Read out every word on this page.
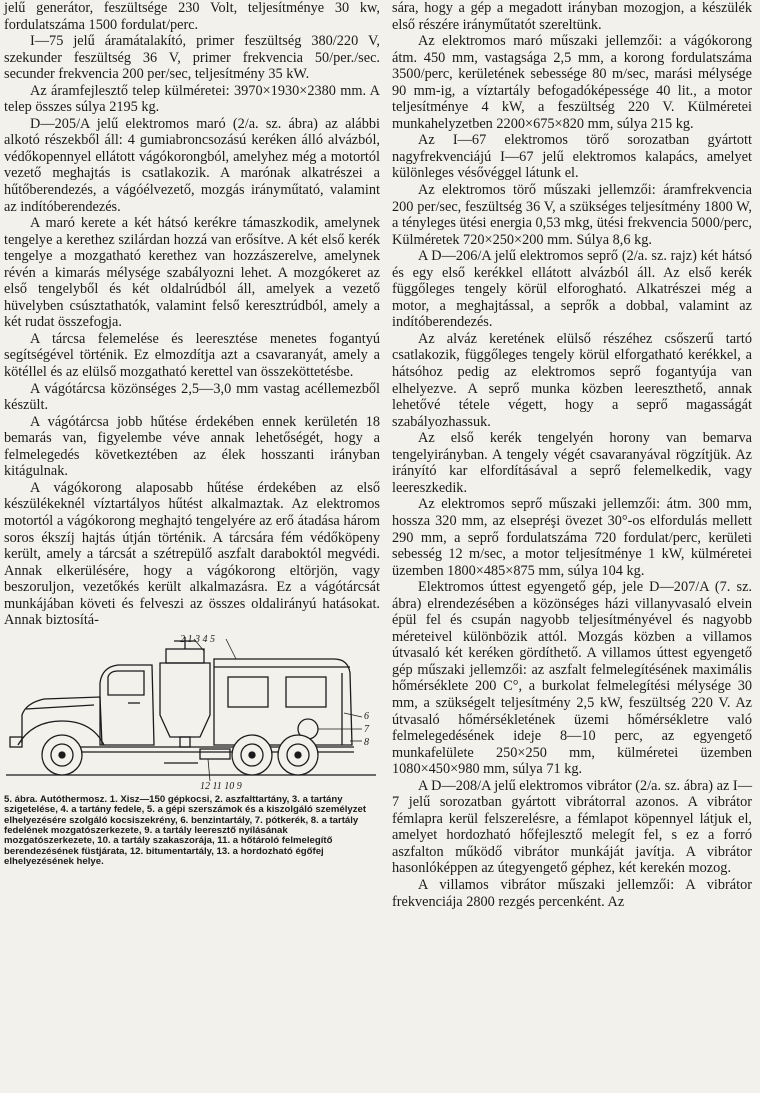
jelű generátor, feszültsége 230 Volt, teljesítménye 30 kw, fordulatszáma 1500 fordulat/perc.

I—75 jelű áramátalakító, primer feszültség 380/220 V, szekunder feszültség 36 V, primer frekvencia 50/per./sec. secunder frekvencia 200 per/sec, teljesítmény 35 kW.

Az áramfejlesztő telep külméretei: 3970×1930×2380 mm. A telep összes súlya 2195 kg.

D—205/A jelű elektromos maró (2/a. sz. ábra) az alábbi alkotó részekből áll: 4 gumiabroncsozású keréken álló alvázból, védőkopennyel ellátott vágókorongból, amelyhez még a motortól vezető meghajtás is csatlakozik. A marónak alkatrészei a hűtőberendezés, a vágóélvezető, mozgás irányműtató, valamint az indítóberendezés.

A maró kerete a két hátsó kerékre támaszkodik, amelynek tengelye a kerethez szilárdan hozzá van erősítve. A két első kerék tengelye a mozgatható kerethez van hozzászerelve, amelynek révén a kimarás mélysége szabályozni lehet. A mozgókeret az első tengelyből és két oldalrúdból áll, amelyek a vezető hüvelyben csúsztathatók, valamint felső keresztrúdból, amely a két rudat összefogja.

A tárcsa felemelése és leeresztése menetes fogantyú segítségével történik. Ez elmozdítja azt a csavaranyát, amely a kötéllel és az elülső mozgatható kerettel van összeköttetésbe.

A vágótárcsa közönséges 2,5—3,0 mm vastag acéllemezből készült.

A vágótárcsa jobb hűtése érdekében ennek kerületén 18 bemarás van, figyelembe véve annak lehetőségét, hogy a felmelegedés következtében az élek hosszanti irányban kitágulnak.

A vágókorong alaposabb hűtése érdekében az első készülékeknél víztartályos hűtést alkalmaztak. Az elektromos motortól a vágókorong meghajtó tengelyére az erő átadása három soros ékszíj hajtás útján történik. A tárcsára fém védőköpeny került, amely a tárcsát a szétrepülő aszfalt daraboktól megvédi. Annak elkerülésére, hogy a vágókorong eltörjön, vagy beszoruljon, vezetőkés került alkalmazásra. Ez a vágótárcsát munkájában követi és felveszi az összes oldalirányú hatásokat. Annak biztosítá-

2 1 3 4 5
6
7
8
12 11 10 9
5. ábra. Autóthermosz. 1. Xisz—150 gépkocsi, 2. aszfalttartány, 3. a tartány szigetelése, 4. a tartány fedele, 5. a gépi szerszámok és a kiszolgáló személyzet elhelyezésére szolgáló kocsiszekrény, 6. benzintartály, 7. pótkerék, 8. a tartály fedelének mozgatószerkezete, 9. a tartály leeresztő nyílásának mozgatószerkezete, 10. a tartály szakaszorája, 11. a hőtároló felmelegítő berendezésének füstjárata, 12. bitumentartály, 13. a hordozható égőfej elhelyezésének helye.

sára, hogy a gép a megadott irányban mozogjon, a készülék első részére irányműtatót szereltünk.

Az elektromos maró műszaki jellemzői: a vágókorong átm. 450 mm, vastagsága 2,5 mm, a korong fordulatszáma 3500/perc, kerületének sebessége 80 m/sec, marási mélysége 90 mm-ig, a víztartály befogadóképessége 40 lit., a motor teljesítménye 4 kW, a feszültség 220 V. Külméretei munkahelyzetben 2200×675×820 mm, súlya 215 kg.

Az I—67 elektromos törő sorozatban gyártott nagyfrekvenciájú I—67 jelű elektromos kalapács, amelyet különleges vésővéggel látunk el.

Az elektromos törő műszaki jellemzői: áramfrekvencia 200 per/sec, feszültség 36 V, a szükséges teljesítmény 1800 W, a tényleges ütési energia 0,53 mkg, ütési frekvencia 5000/perc, Külméretek 720×250×200 mm. Súlya 8,6 kg.

A D—206/A jelű elektromos seprő (2/a. sz. rajz) két hátsó és egy első kerékkel ellátott alvázból áll. Az első kerék függőleges tengely körül elforogható. Alkatrészei még a motor, a meghajtással, a seprők a dobbal, valamint az indítóberendezés.

Az alváz keretének elülső részéhez csőszerű tartó csatlakozik, függőleges tengely körül elforgatható kerékkel, a hátsóhoz pedig az elektromos seprő fogantyúja van elhelyezve. A seprő munka közben leereszthető, annak lehetővé tétele végett, hogy a seprő magasságát szabályozhassuk.

Az első kerék tengelyén horony van bemarva tengelyirányban. A tengely végét csavaranyával rögzítjük. Az irányító kar elfordításával a seprő felemelkedik, vagy leereszkedik.

Az elektromos seprő műszaki jellemzői: átm. 300 mm, hossza 320 mm, az elsepréşi övezet 30°-os elfordulás mellett 290 mm, a seprő fordulatszáma 720 fordulat/perc, kerületi sebesség 12 m/sec, a motor teljesítménye 1 kW, külméretei üzemben 1800×485×875 mm, súlya 104 kg.

Elektromos úttest egyengető gép, jele D—207/A (7. sz. ábra) elrendezésében a közönséges házi villanyvasaló elvein épül fel és csupán nagyobb teljesítményével és nagyobb méreteivel különbözik attól. Mozgás közben a villamos útvasaló két keréken gördíthető. A villamos úttest egyengető gép műszaki jellemzői: az aszfalt felmelegítésének maximális hőmérséklete 200 C°, a burkolat felmelegítési mélysége 30 mm, a szükségelt teljesítmény 2,5 kW, feszültség 220 V. Az útvasaló hőmérsékletének üzemi hőmérsékletre való felmelegedésének ideje 8—10 perc, az egyengető munkafelülete 250×250 mm, külméretei üzemben 1080×450×980 mm, súlya 71 kg.

A D—208/A jelű elektromos vibrátor (2/a. sz. ábra) az I—7 jelű sorozatban gyártott vibrátorral azonos. A vibrátor fémlapra kerül felszerelésre, a fémlapot köpennyel látjuk el, amelyet hordozható hőfejlesztő melegít fel, s ez a forró aszfalton működő vibrátor munkáját javítja. A vibrátor hasonlóképpen az útegyengető géphez, két kerekén mozog.

A villamos vibrátor műszaki jellemzői: A vibrátor frekvenciája 2800 rezgés percenként. Az
